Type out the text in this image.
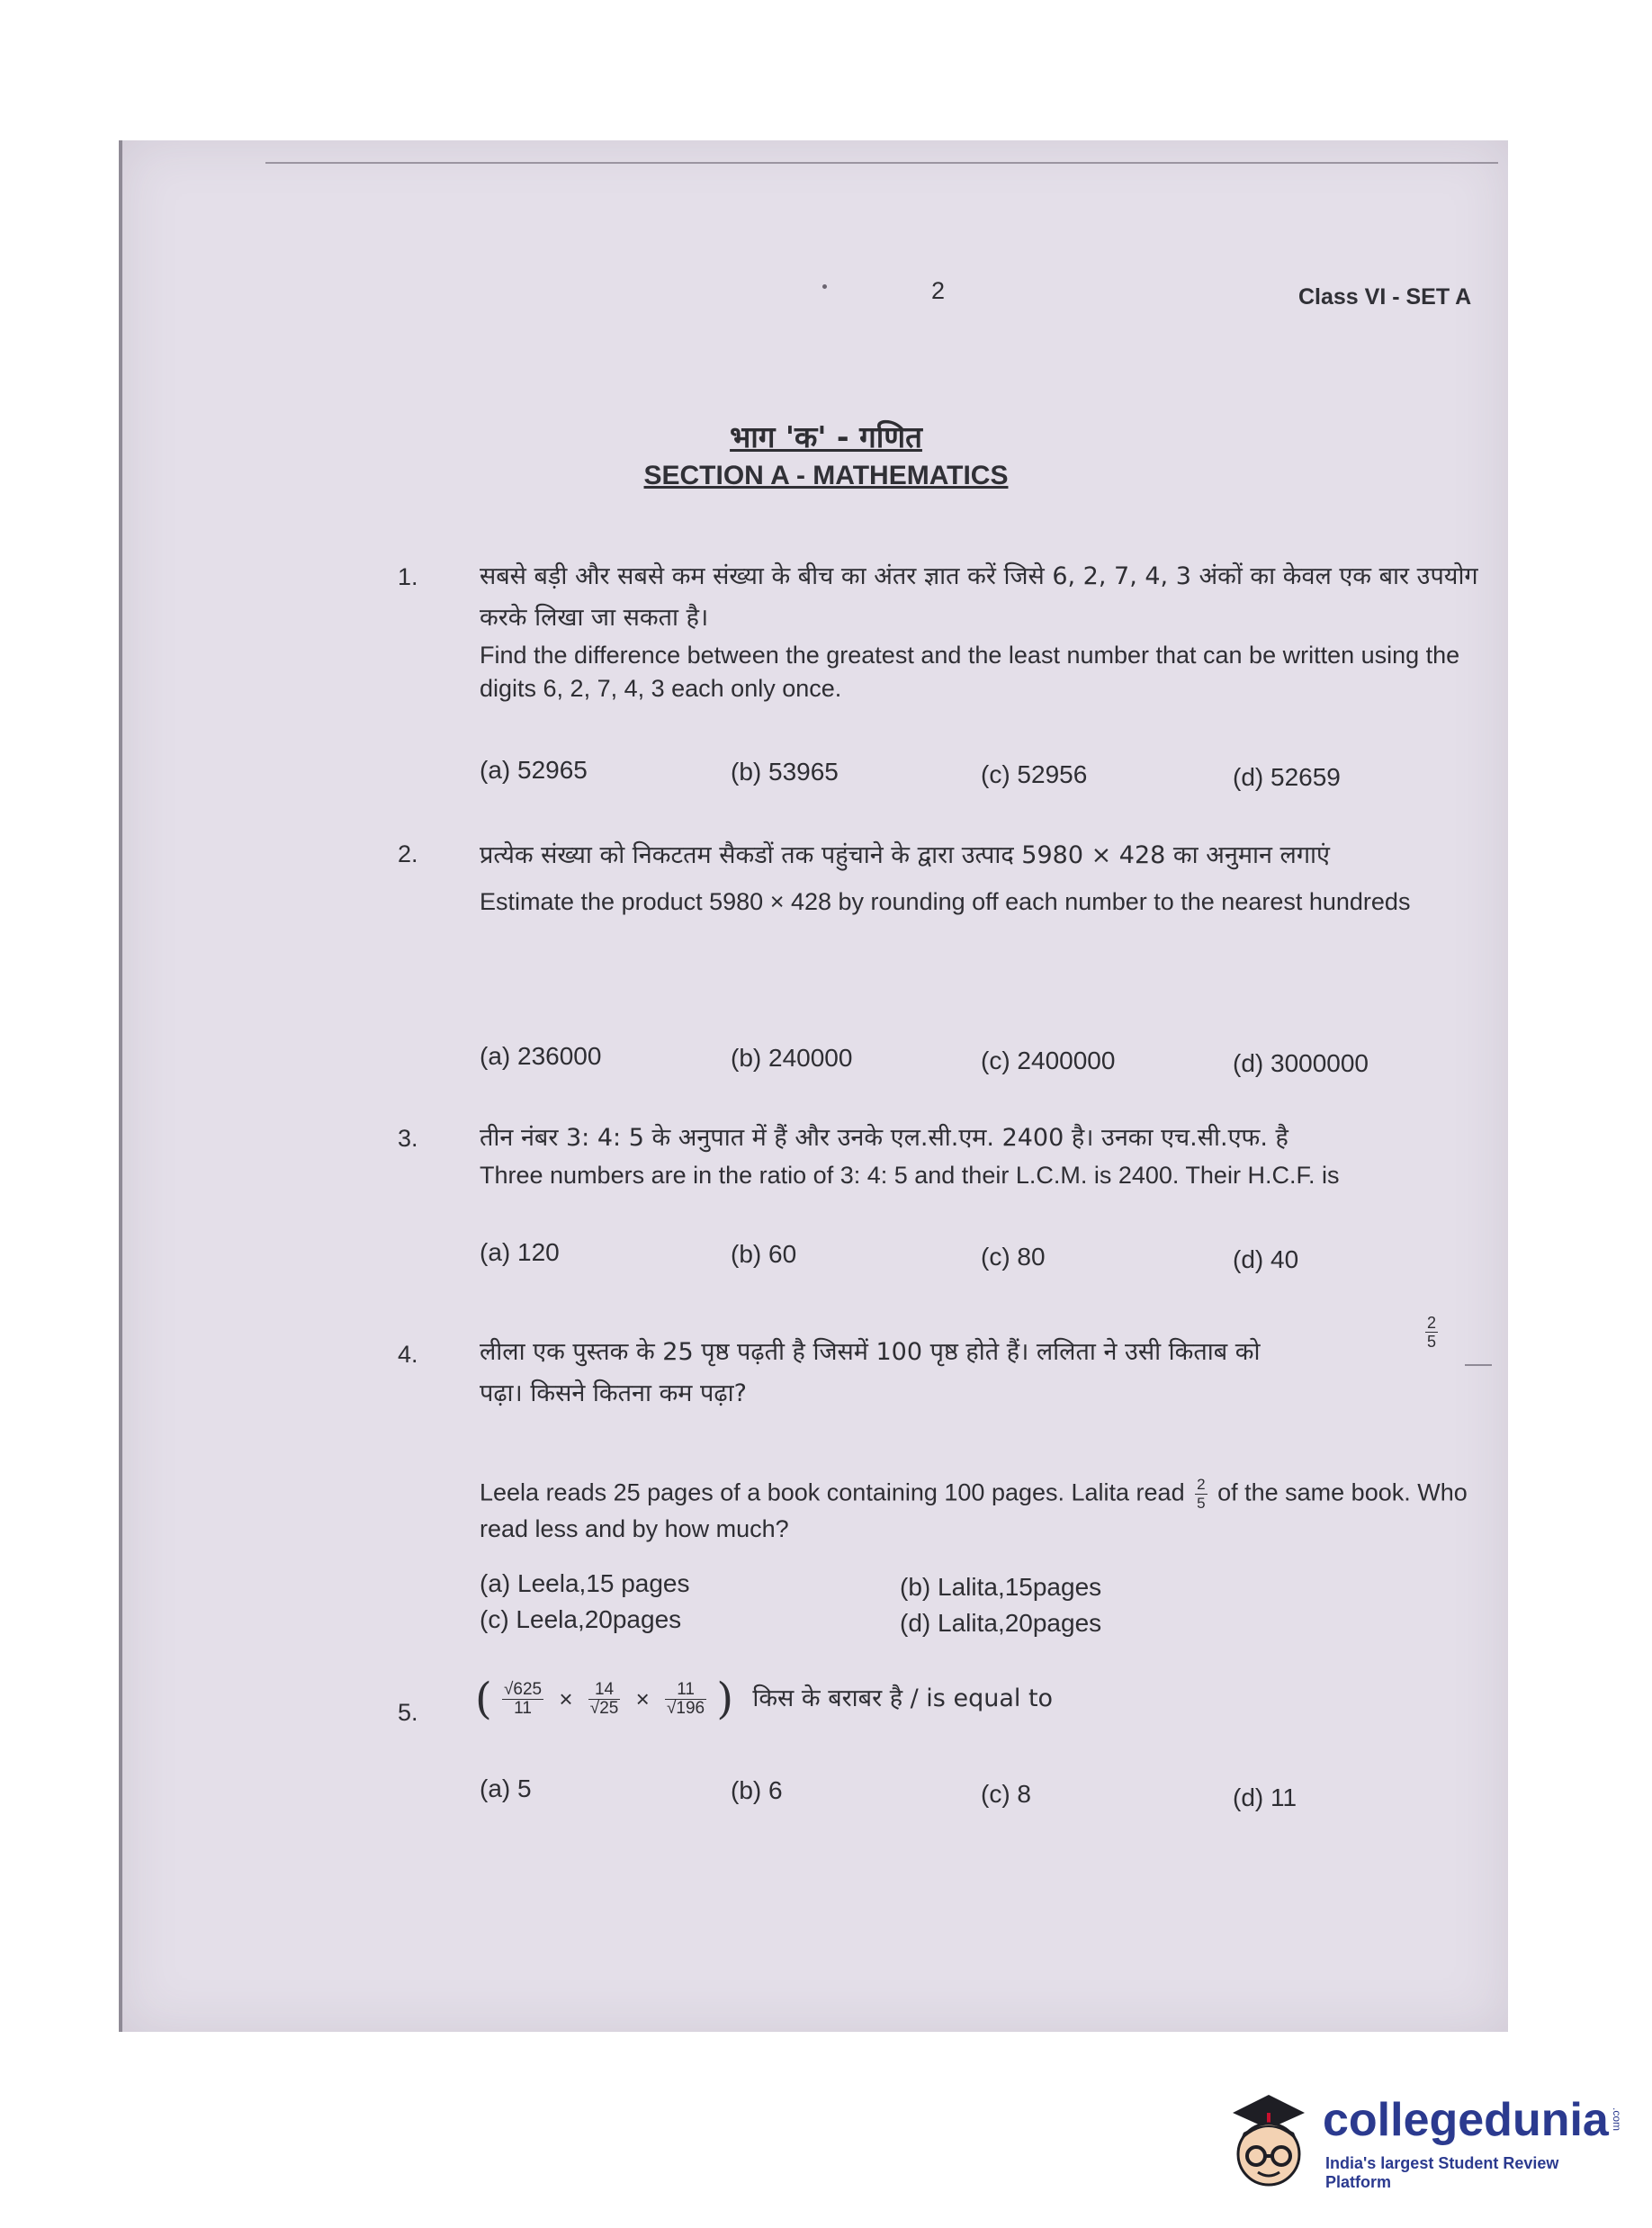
2	Class VI - SET A
भाग 'क' - गणित
SECTION A - MATHEMATICS
1.	सबसे बड़ी और सबसे कम संख्या के बीच का अंतर ज्ञात करें जिसे 6, 2, 7, 4, 3 अंकों का केवल एक बार उपयोग करके लिखा जा सकता है।
Find the difference between the greatest and the least number that can be written using the digits 6, 2, 7, 4, 3 each only once.
(a) 52965	(b) 53965	(c) 52956	(d) 52659
2.	प्रत्येक संख्या को निकटतम सैकडों तक पहुंचाने के द्वारा उत्पाद 5980 × 428 का अनुमान लगाएं
Estimate the product 5980 × 428 by rounding off each number to the nearest hundreds
(a) 236000	(b) 240000	(c) 2400000	(d) 3000000
3.	तीन नंबर 3: 4: 5 के अनुपात में हैं और उनके एल.सी.एम. 2400 है। उनका एच.सी.एफ. है
Three numbers are in the ratio of 3: 4: 5 and their L.C.M. is 2400. Their H.C.F. is
(a) 120	(b) 60	(c) 80	(d) 40
4.	लीला एक पुस्तक के 25 पृष्ठ पढ़ती है जिसमें 100 पृष्ठ होते हैं। ललिता ने उसी किताब को
पढ़ा। किसने कितना कम पढ़ा?
$\frac{2}{5}$
Leela reads 25 pages of a book containing 100 pages. Lalita read $\frac{2}{5}$ of the same book. Who read less and by how much?
(a) Leela,15 pages	(b) Lalita,15pages
(c) Leela,20pages	(d) Lalita,20pages
5. ( $\frac{√625}{11} \times \frac{14}{√25} \times \frac{11}{√196}$ ) किस के बराबर है / is equal to
(a) 5	(b) 6	(c) 8	(d) 11
collegedunia .com
India's largest Student Review Platform
